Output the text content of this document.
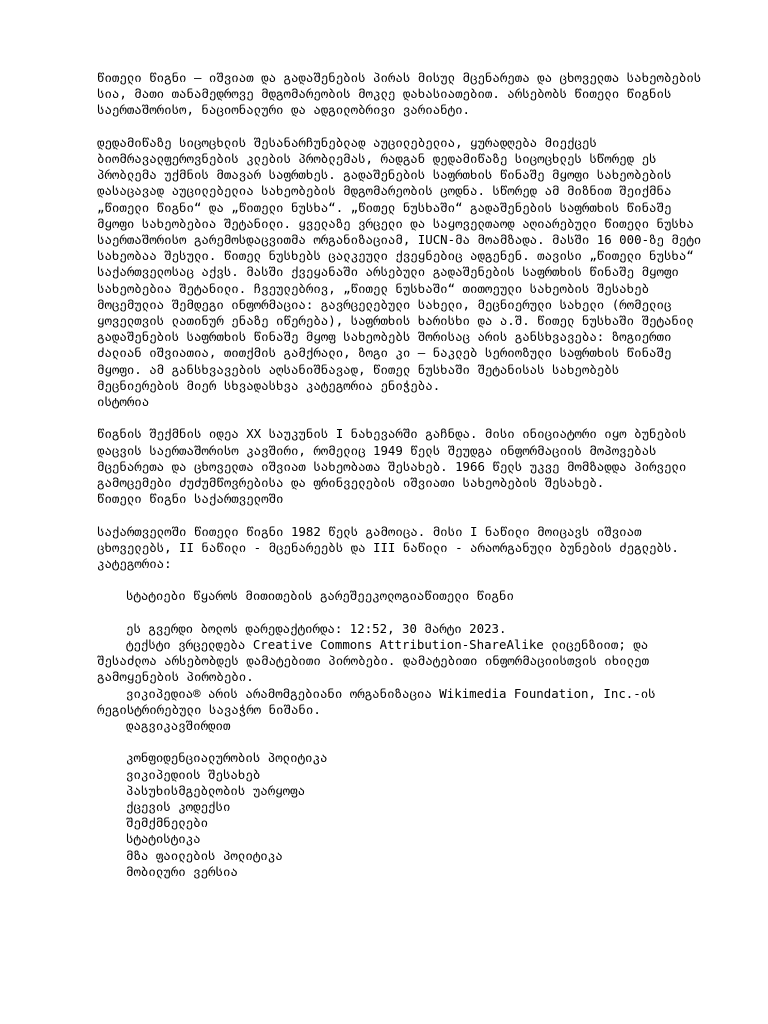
წითელი წიგნი — იშვიათ და გადაშენების პირას მისულ მცენარეთა და ცხოველთა სახეობების სია, მათი თანამედროვე მდგომარეობის მოკლე დახასიათებით. არსებობს წითელი წიგნის საერთაშორისო, ნაციონალური და ადგილობრივი ვარიანტი.

დედამიწაზე სიცოცხლის შესანარჩუნებლად აუცილებელია, ყურადღება მიექცეს ბიომრავალფეროვნების კლების პრობლემას, რადგან დედამიწაზე სიცოცხლეს სწორედ ეს პრობლემა უქმნის მთავარ საფრთხეს. გადაშენების საფრთხის წინაშე მყოფი სახეობების დასაცავად აუცილებელია სახეობების მდგომარეობის ცოდნა. სწორედ ამ მიზნით შეიქმნა „წითელი წიგნი“ და „წითელი ნუსხა“. „წითელ ნუსხაში“ გადაშენების საფრთხის წინაშე მყოფი სახეობებია შეტანილი. ყველაზე ვრცელი და საყოველთაოდ აღიარებული წითელი ნუსხა საერთაშორისო გარემოსდაცვითმა ორგანიზაციამ, IUCN-მა მოამზადა. მასში 16 000-ზე მეტი სახეობაა შესული. წითელ ნუსხებს ცალკეული ქვეყნებიც ადგენენ. თავისი „წითელი ნუსხა“ საქართველოსაც აქვს. მასში ქვეყანაში არსებული გადაშენების საფრთხის წინაშე მყოფი სახეობებია შეტანილი. ჩვეულებრივ, „წითელ ნუსხაში“ თითოეული სახეობის შესახებ მოცემულია შემდეგი ინფორმაცია: გავრცელებული სახელი, მეცნიერული სახელი (რომელიც ყოველთვის ლათინურ ენაზე იწერება), საფრთხის ხარისხი და ა.შ. წითელ ნუსხაში შეტანილ გადაშენების საფრთხის წინაშე მყოფ სახეობებს შორისაც არის განსხვავება: ზოგიერთი ძალიან იშვიათია, თითქმის გამქრალი, ზოგი კი — ნაკლებ სერიოზული საფრთხის წინაშე მყოფი. ამ განსხვავების აღსანიშნავად, წითელ ნუსხაში შეტანისას სახეობებს მეცნიერების მიერ სხვადასხვა კატეგორია ენიჭება.

ისტორია

წიგნის შექმნის იდეა XX საუკუნის I ნახევარში გაჩნდა. მისი ინიციატორი იყო ბუნების დაცვის საერთაშორისო კავშირი, რომელიც 1949 წელს შეუდგა ინფორმაციის მოპოვებას მცენარეთა და ცხოველთა იშვიათ სახეობათა შესახებ. 1966 წელს უკვე მომზადდა პირველი გამოცემები ძუძუმწოვრებისა და ფრინველების იშვიათი სახეობების შესახებ.

წითელი წიგნი საქართველოში

საქართველოში წითელი წიგნი 1982 წელს გამოიცა. მისი I ნაწილი მოიცავს იშვიათ ცხოველებს, II ნაწილი - მცენარეებს და III ნაწილი - არაორგანული ბუნების ძეგლებს. კატეგორია:

სტატიები წყაროს მითითების გარეშეეკოლოგიაწითელი წიგნი

ეს გვერდი ბოლოს დარედაქტირდა: 12:52, 30 მარტი 2023.

ტექსტი ვრცელდება Creative Commons Attribution-ShareAlike ლიცენზიით; და შესაძლოა არსებობდეს დამატებითი პირობები. დამატებითი ინფორმაციისთვის იხილეთ გამოყენების პირობები.

ვიკიპედია® არის არამომგებიანი ორგანიზაცია Wikimedia Foundation, Inc.-ის რეგისტრირებული სავაჭრო ნიშანი.

დაგვიკავშირდით

კონფიდენციალურობის პოლიტიკა
ვიკიპედიის შესახებ
პასუხისმგებლობის უარყოფა
ქცევის კოდექსი
შემქმნელები
სტატისტიკა
მზა ფაილების პოლიტიკა
მობილური ვერსია
